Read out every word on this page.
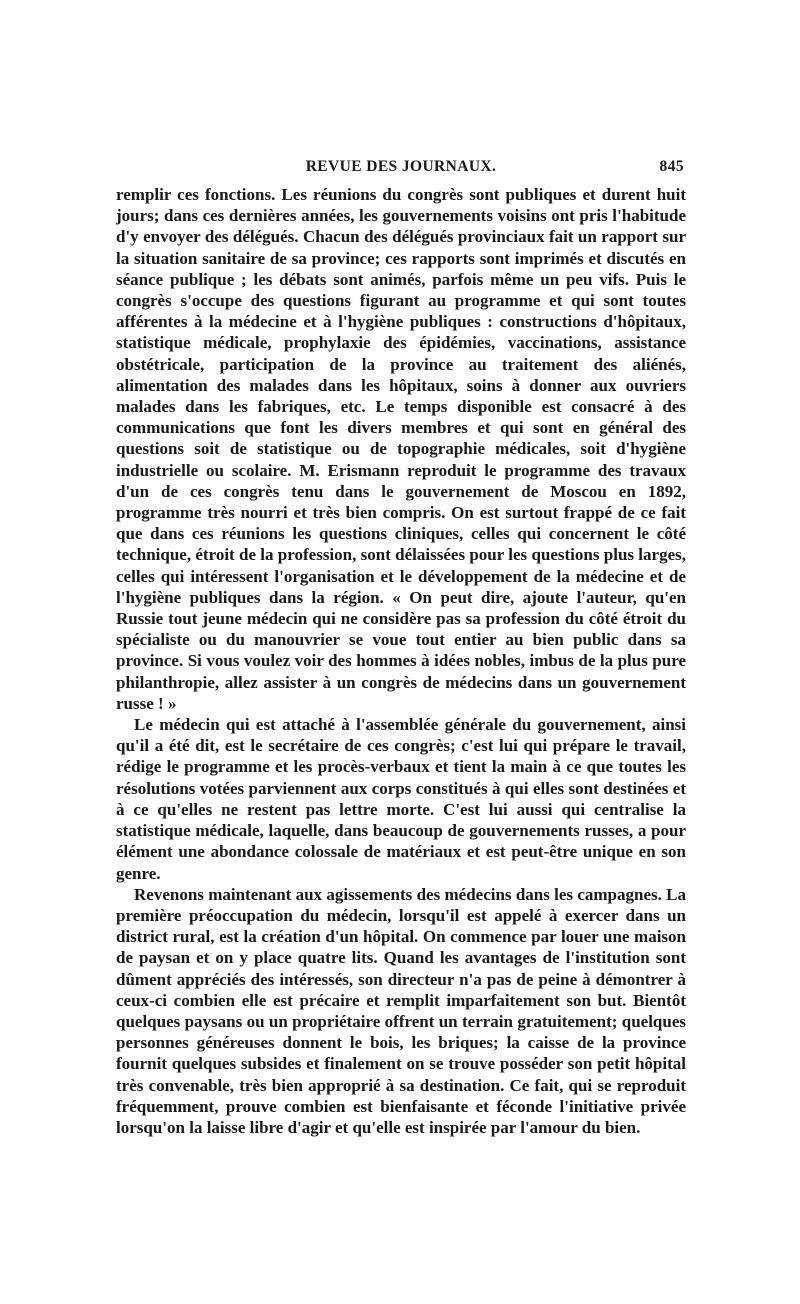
REVUE DES JOURNAUX.	845

remplir ces fonctions. Les réunions du congrès sont publiques et durent huit jours; dans ces dernières années, les gouvernements voisins ont pris l'habitude d'y envoyer des délégués. Chacun des délégués provinciaux fait un rapport sur la situation sanitaire de sa province; ces rapports sont imprimés et discutés en séance publique ; les débats sont animés, parfois même un peu vifs. Puis le congrès s'occupe des questions figurant au programme et qui sont toutes afférentes à la médecine et à l'hygiène publiques : constructions d'hôpitaux, statistique médicale, prophylaxie des épidémies, vaccinations, assistance obstétricale, participation de la province au traitement des aliénés, alimentation des malades dans les hôpitaux, soins à donner aux ouvriers malades dans les fabriques, etc. Le temps disponible est consacré à des communications que font les divers membres et qui sont en général des questions soit de statistique ou de topographie médicales, soit d'hygiène industrielle ou scolaire. M. Erismann reproduit le programme des travaux d'un de ces congrès tenu dans le gouvernement de Moscou en 1892, programme très nourri et très bien compris. On est surtout frappé de ce fait que dans ces réunions les questions cliniques, celles qui concernent le côté technique, étroit de la profession, sont délaissées pour les questions plus larges, celles qui intéressent l'organisation et le développement de la médecine et de l'hygiène publiques dans la région. « On peut dire, ajoute l'auteur, qu'en Russie tout jeune médecin qui ne considère pas sa profession du côté étroit du spécialiste ou du manouvrier se voue tout entier au bien public dans sa province. Si vous voulez voir des hommes à idées nobles, imbus de la plus pure philanthropie, allez assister à un congrès de médecins dans un gouvernement russe ! »

Le médecin qui est attaché à l'assemblée générale du gouvernement, ainsi qu'il a été dit, est le secrétaire de ces congrès; c'est lui qui prépare le travail, rédige le programme et les procès-verbaux et tient la main à ce que toutes les résolutions votées parviennent aux corps constitués à qui elles sont destinées et à ce qu'elles ne restent pas lettre morte. C'est lui aussi qui centralise la statistique médicale, laquelle, dans beaucoup de gouvernements russes, a pour élément une abondance colossale de matériaux et est peut-être unique en son genre.

Revenons maintenant aux agissements des médecins dans les campagnes. La première préoccupation du médecin, lorsqu'il est appelé à exercer dans un district rural, est la création d'un hôpital. On commence par louer une maison de paysan et on y place quatre lits. Quand les avantages de l'institution sont dûment appréciés des intéressés, son directeur n'a pas de peine à démontrer à ceux-ci combien elle est précaire et remplit imparfaitement son but. Bientôt quelques paysans ou un propriétaire offrent un terrain gratuitement; quelques personnes généreuses donnent le bois, les briques; la caisse de la province fournit quelques subsides et finalement on se trouve posséder son petit hôpital très convenable, très bien approprié à sa destination. Ce fait, qui se reproduit fréquemment, prouve combien est bienfaisante et féconde l'initiative privée lorsqu'on la laisse libre d'agir et qu'elle est inspirée par l'amour du bien.
